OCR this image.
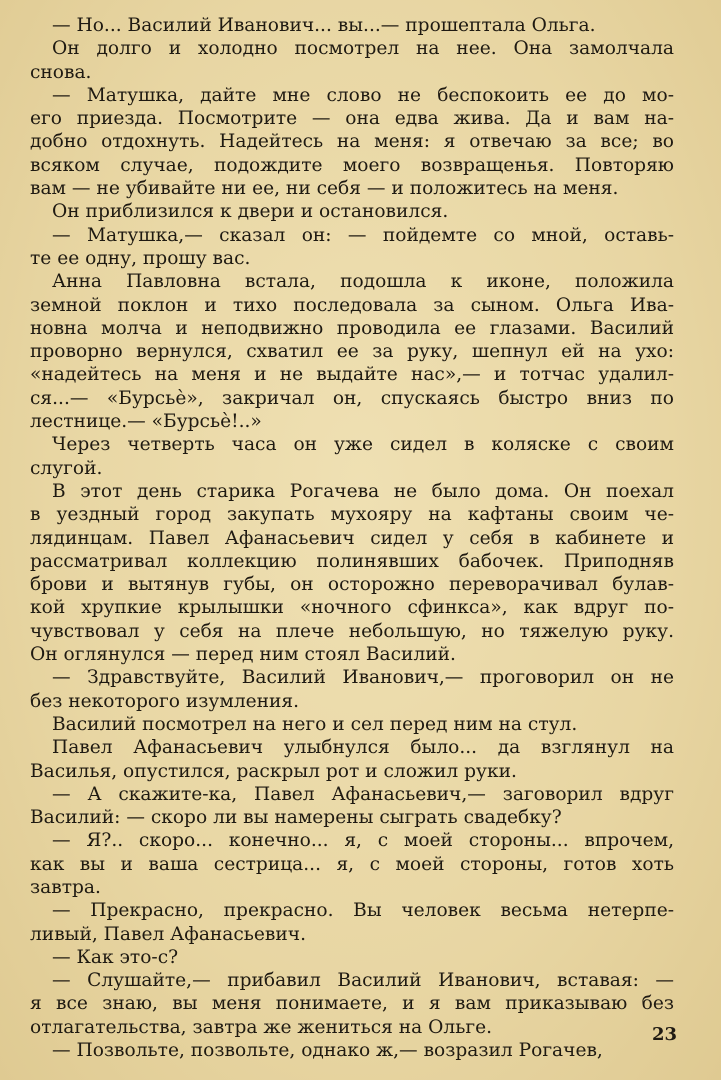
— Но... Василий Иванович... вы...— прошептала Ольга.
Он долго и холодно посмотрел на нее. Она замолчала
снова.
— Матушка, дайте мне слово не беспокоить ее до мо-
его приезда. Посмотрите — она едва жива. Да и вам на-
добно отдохнуть. Надейтесь на меня: я отвечаю за все; во
всяком случае, подождите моего возвращенья. Повторяю
вам — не убивайте ни ее, ни себя — и положитесь на меня.
Он приблизился к двери и остановился.
— Матушка,— сказал он: — пойдемте со мной, оставь-
те ее одну, прошу вас.
Анна Павловна встала, подошла к иконе, положила
земной поклон и тихо последовала за сыном. Ольга Ива-
новна молча и неподвижно проводила ее глазами. Василий
проворно вернулся, схватил ее за руку, шепнул ей на ухо:
«надейтесь на меня и не выдайте нас»,— и тотчас удалил-
ся...— «Бурсьѐ», закричал он, спускаясь быстро вниз по
лестнице.— «Бурсьѐ!..»
Через четверть часа он уже сидел в коляске с своим
слугой.
В этот день старика Рогачева не было дома. Он поехал
в уездный город закупать мухояру на кафтаны своим че-
лядинцам. Павел Афанасьевич сидел у себя в кабинете и
рассматривал коллекцию полинявших бабочек. Приподняв
брови и вытянув губы, он осторожно переворачивал булав-
кой хрупкие крылышки «ночного сфинкса», как вдруг по-
чувствовал у себя на плече небольшую, но тяжелую руку.
Он оглянулся — перед ним стоял Василий.
— Здравствуйте, Василий Иванович,— проговорил он не
без некоторого изумления.
Василий посмотрел на него и сел перед ним на стул.
Павел Афанасьевич улыбнулся было... да взглянул на
Василья, опустился, раскрыл рот и сложил руки.
— А скажите-ка, Павел Афанасьевич,— заговорил вдруг
Василий: — скоро ли вы намерены сыграть свадебку?
— Я?.. скоро... конечно... я, с моей стороны... впрочем,
как вы и ваша сестрица... я, с моей стороны, готов хоть
завтра.
— Прекрасно, прекрасно. Вы человек весьма нетерпе-
ливый, Павел Афанасьевич.
— Как это-с?
— Слушайте,— прибавил Василий Иванович, вставая: —
я все знаю, вы меня понимаете, и я вам приказываю без
отлагательства, завтра же жениться на Ольге.
— Позвольте, позвольте, однако ж,— возразил Рогачев,
23
